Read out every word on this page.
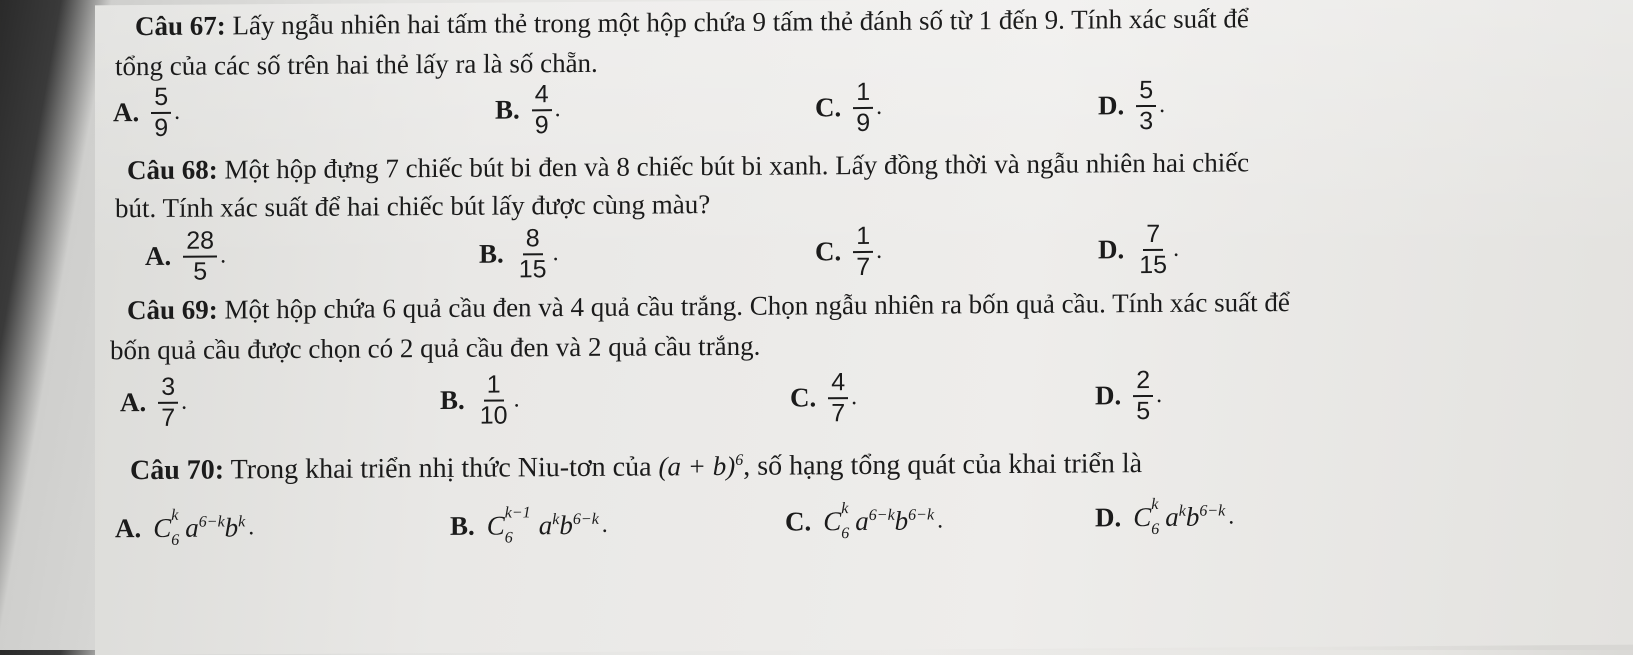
Câu 67: Lấy ngẫu nhiên hai tấm thẻ trong một hộp chứa 9 tấm thẻ đánh số từ 1 đến 9. Tính xác suất để
tổng của các số trên hai thẻ lấy ra là số chẵn.
A. $\frac{5}{9}$ .	B. $\frac{4}{9}$ .	C. $\frac{1}{9}$ .	D. $\frac{5}{3}$ .
Câu 68: Một hộp đựng 7 chiếc bút bi đen và 8 chiếc bút bi xanh. Lấy đồng thời và ngẫu nhiên hai chiếc
bút. Tính xác suất để hai chiếc bút lấy được cùng màu?
A. $\frac{28}{5}$ .	B. $\frac{8}{15}$ .	C. $\frac{1}{7}$ .	D. $\frac{7}{15}$ .
Câu 69: Một hộp chứa 6 quả cầu đen và 4 quả cầu trắng. Chọn ngẫu nhiên ra bốn quả cầu. Tính xác suất để
bốn quả cầu được chọn có 2 quả cầu đen và 2 quả cầu trắng.
A. $\frac{3}{7}$ .	B. $\frac{1}{10}$ .	C. $\frac{4}{7}$ .	D. $\frac{2}{5}$ .
Câu 70: Trong khai triển nhị thức Niu-tơn của $(a + b)^6$, số hạng tổng quát của khai triển là
A. C k
6 $a^{6-k}b^k$ .	B. C k−1
6 $a^kb^{6-k}$ .	C. C k
6 $a^{6-k}b^{6-k}$ .	D. C k
6 $a^kb^{6-k}$ .
